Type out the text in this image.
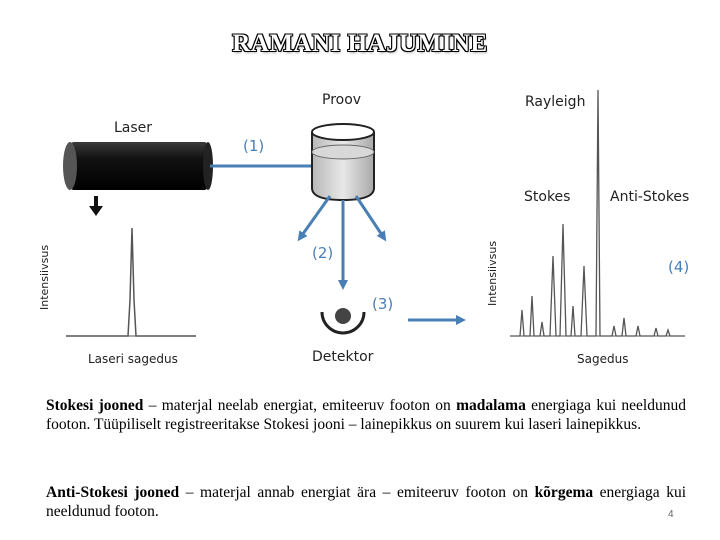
RAMANI HAJUMINE
Proov	Rayleigh
Laser
Stokes	Anti-Stokes
(1)
(2)
(3)
(4)
Intensiivsus	Intensiivsus
Laseri sagedus	Detektor	Sagedus
Stokesi jooned – materjal neelab energiat, emiteeruv footon on madalama energiaga kui neeldunud footon. Tüüpiliselt registreeritakse Stokesi jooni – lainepikkus on suurem kui laseri lainepikkus.
Anti-Stokesi jooned – materjal annab energiat ära – emiteeruv footon on kõrgema energiaga kui neeldunud footon.	4
